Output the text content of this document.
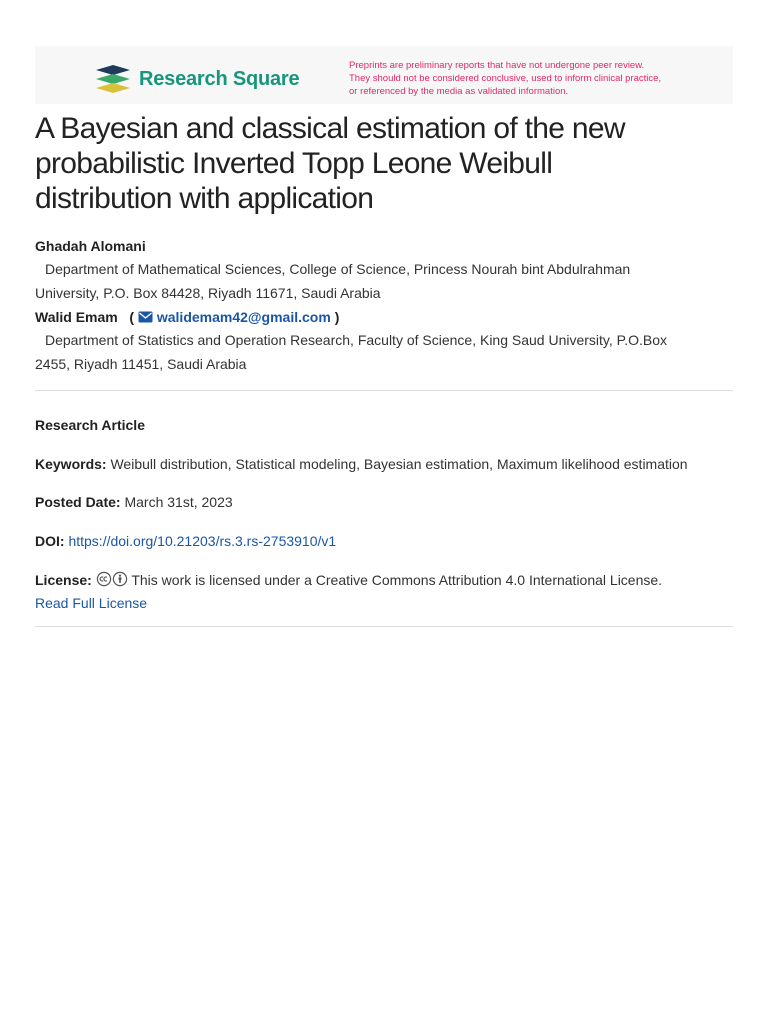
Research Square
Preprints are preliminary reports that have not undergone peer review.
They should not be considered conclusive, used to inform clinical practice,
or referenced by the media as validated information.
A Bayesian and classical estimation of the new
probabilistic Inverted Topp Leone Weibull
distribution with application
Ghadah Alomani
Department of Mathematical Sciences, College of Science, Princess Nourah bint Abdulrahman
University, P.O. Box 84428, Riyadh 11671, Saudi Arabia
Walid Emam   ( walidemam42@gmail.com )
Department of Statistics and Operation Research, Faculty of Science, King Saud University, P.O.Box
2455, Riyadh 11451, Saudi Arabia
Research Article
Keywords: Weibull distribution, Statistical modeling, Bayesian estimation, Maximum likelihood estimation
Posted Date: March 31st, 2023
DOI: https://doi.org/10.21203/rs.3.rs-2753910/v1
License:	This work is licensed under a Creative Commons Attribution 4.0 International License.
Read Full License
